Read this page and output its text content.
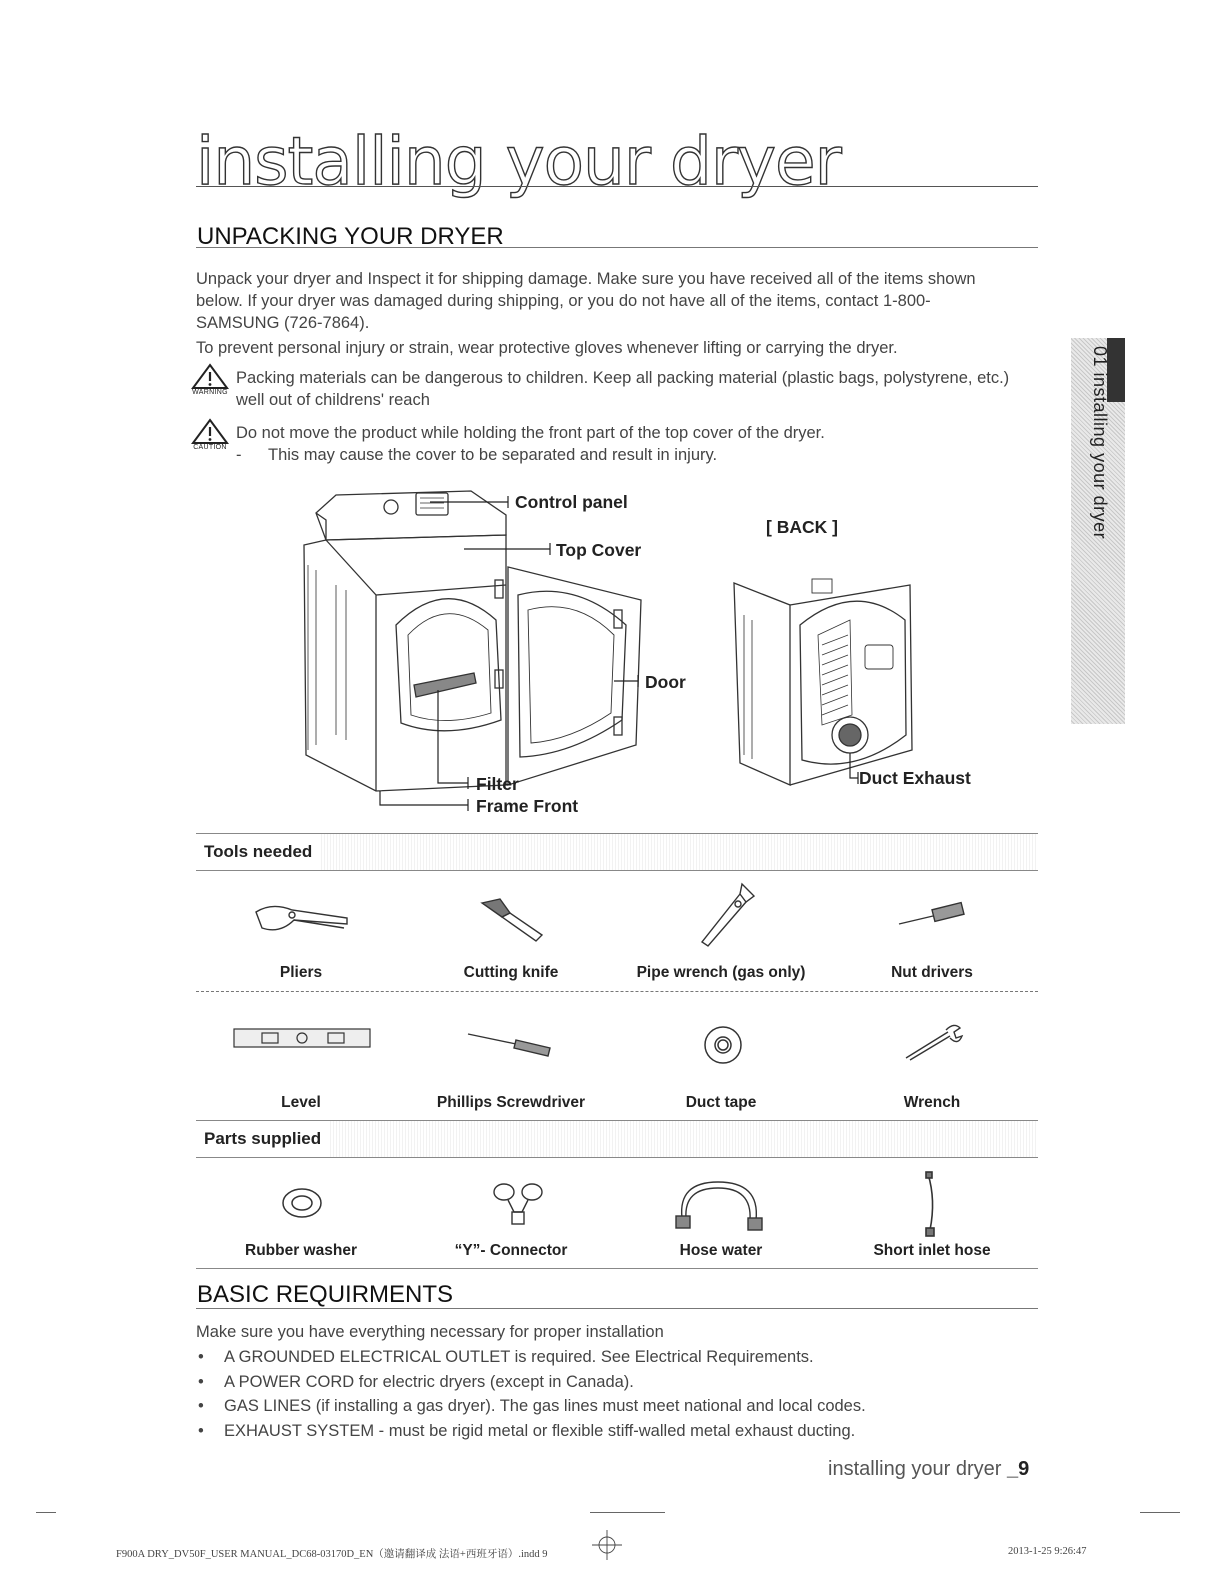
installing your dryer
01 installing your dryer
UNPACKING YOUR DRYER
Unpack your dryer and Inspect it for shipping damage. Make sure you have received all of the items shown below. If your dryer was damaged during shipping, or you do not have all of the items, contact 1-800-SAMSUNG (726-7864).
To prevent personal injury or strain, wear protective gloves whenever lifting or carrying the dryer.
WARNING
Packing materials can be dangerous to children. Keep all packing material (plastic bags, polystyrene, etc.) well out of childrens' reach
CAUTION
Do not move the product while holding the front part of the top cover of the dryer.
- This may cause the cover to be separated and result in injury.
Control panel
Top Cover
Door
Filter
Frame Front
[ BACK ]
Duct Exhaust
Tools needed
Pliers	Cutting knife	Pipe wrench (gas only)	Nut drivers
Level	Phillips Screwdriver	Duct tape	Wrench
Parts supplied
Rubber washer	“Y”- Connector	Hose water	Short inlet hose
BASIC REQUIRMENTS
Make sure you have everything necessary for proper installation
• A GROUNDED ELECTRICAL OUTLET is required. See Electrical Requirements.
• A POWER CORD for electric dryers (except in Canada).
• GAS LINES (if installing a gas dryer). The gas lines must meet national and local codes.
• EXHAUST SYSTEM - must be rigid metal or flexible stiff-walled metal exhaust ducting.
installing your dryer _9
F900A DRY_DV50F_USER MANUAL_DC68-03170D_EN（邀请翻译成 法语+西班牙语）.indd 9	2013-1-25 9:26:47
